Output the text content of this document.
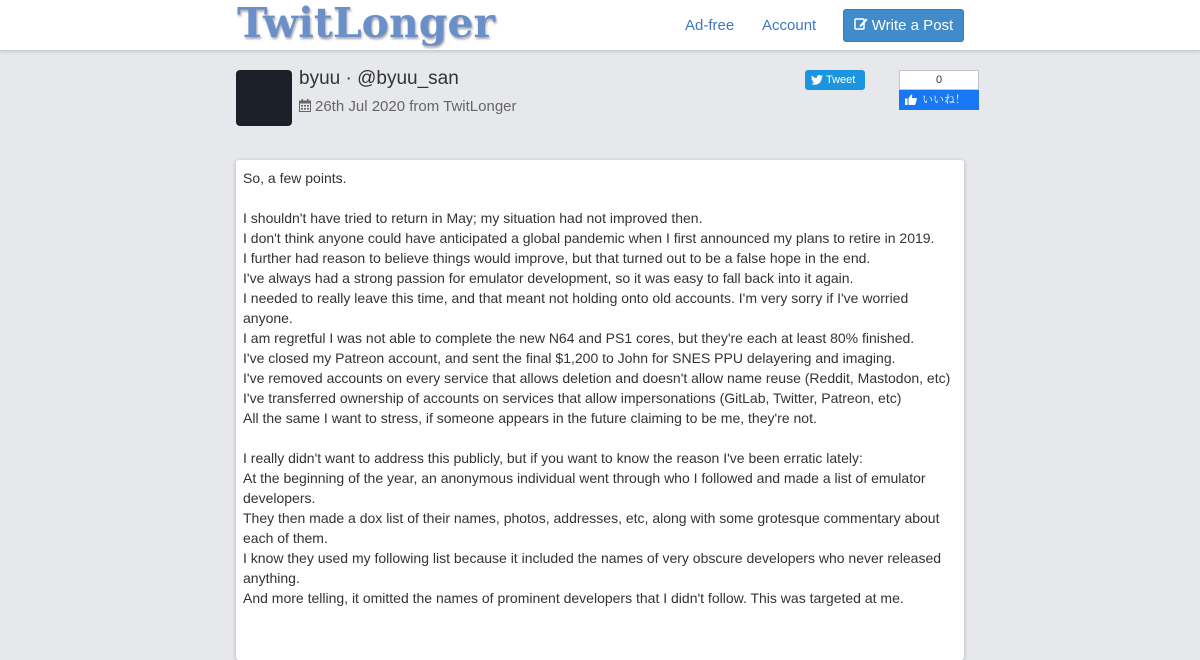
TwitLonger	Ad-free Account	Write a Post
byuu · @byuu_san
26th Jul 2020 from TwitLonger
Tweet	0
いいね！

So, a few points.

I shouldn't have tried to return in May; my situation had not improved then.

I don't think anyone could have anticipated a global pandemic when I first announced my plans to retire in 2019.

I further had reason to believe things would improve, but that turned out to be a false hope in the end.

I've always had a strong passion for emulator development, so it was easy to fall back into it again.

I needed to really leave this time, and that meant not holding onto old accounts. I'm very sorry if I've worried anyone.

I am regretful I was not able to complete the new N64 and PS1 cores, but they're each at least 80% finished.

I've closed my Patreon account, and sent the final $1,200 to John for SNES PPU delayering and imaging.

I've removed accounts on every service that allows deletion and doesn't allow name reuse (Reddit, Mastodon, etc)

I've transferred ownership of accounts on services that allow impersonations (GitLab, Twitter, Patreon, etc)

All the same I want to stress, if someone appears in the future claiming to be me, they're not.

I really didn't want to address this publicly, but if you want to know the reason I've been erratic lately:

At the beginning of the year, an anonymous individual went through who I followed and made a list of emulator developers.

They then made a dox list of their names, photos, addresses, etc, along with some grotesque commentary about each of them.

I know they used my following list because it included the names of very obscure developers who never released anything.

And more telling, it omitted the names of prominent developers that I didn't follow. This was targeted at me.
